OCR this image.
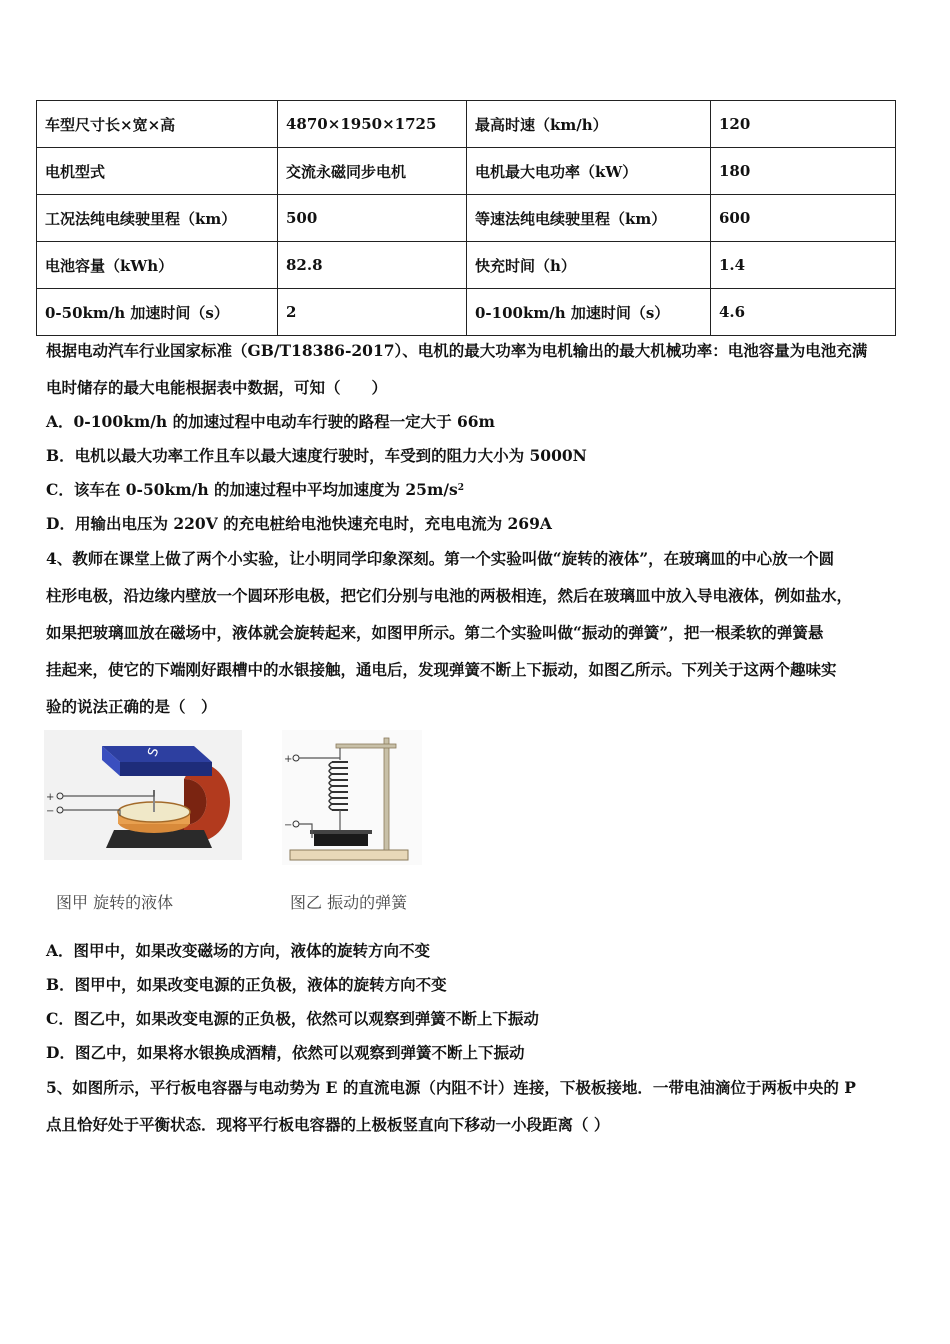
车型尺寸长×宽×高	4870×1950×1725	最高时速（km/h）	120
电机型式	交流永磁同步电机	电机最大电功率（kW）	180
工况法纯电续驶里程（km）	500	等速法纯电续驶里程（km）	600
电池容量（kWh）	82.8	快充时间（h）	1.4
0-50km/h 加速时间（s）	2	0-100km/h 加速时间（s）	4.6
根据电动汽车行业国家标准（GB/T18386-2017）、电机的最大功率为电机输出的最大机械功率：电池容量为电池充满
电时储存的最大电能根据表中数据，可知（　　）
A．0-100km/h 的加速过程中电动车行驶的路程一定大于 66m
B．电机以最大功率工作且车以最大速度行驶时，车受到的阻力大小为 5000N
C．该车在 0-50km/h 的加速过程中平均加速度为 $25m/s^2$
D．用输出电压为 220V 的充电桩给电池快速充电时，充电电流为 269A
4、教师在课堂上做了两个小实验，让小明同学印象深刻。第一个实验叫做“旋转的液体”，在玻璃皿的中心放一个圆
柱形电极，沿边缘内壁放一个圆环形电极，把它们分别与电池的两极相连，然后在玻璃皿中放入导电液体，例如盐水，
如果把玻璃皿放在磁场中，液体就会旋转起来，如图甲所示。第二个实验叫做“振动的弹簧”，把一根柔软的弹簧悬
挂起来，使它的下端刚好跟槽中的水银接触，通电后，发现弹簧不断上下振动，如图乙所示。下列关于这两个趣味实
验的说法正确的是（　）
S
+
−
+
−
图甲 旋转的液体	图乙 振动的弹簧
A．图甲中，如果改变磁场的方向，液体的旋转方向不变
B．图甲中，如果改变电源的正负极，液体的旋转方向不变
C．图乙中，如果改变电源的正负极，依然可以观察到弹簧不断上下振动
D．图乙中，如果将水银换成酒精，依然可以观察到弹簧不断上下振动
5、如图所示，平行板电容器与电动势为 E 的直流电源（内阻不计）连接，下极板接地．一带电油滴位于两板中央的 P
点且恰好处于平衡状态．现将平行板电容器的上极板竖直向下移动一小段距离（ ）
